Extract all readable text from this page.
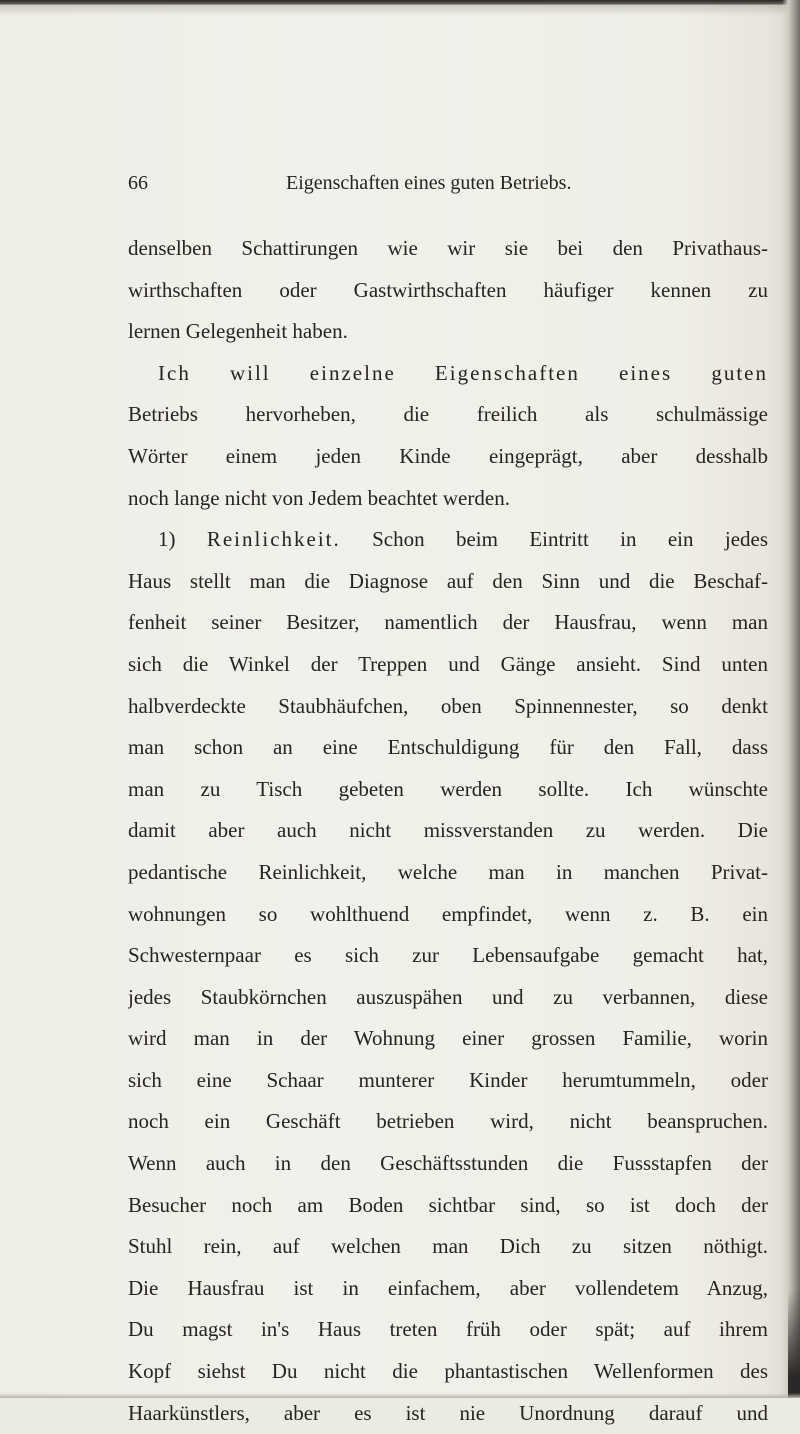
66	Eigenschaften eines guten Betriebs.
denselben Schattirungen wie wir sie bei den Privathaus-
wirthschaften oder Gastwirthschaften häufiger kennen zu
lernen Gelegenheit haben.
Ich will einzelne Eigenschaften eines guten
Betriebs hervorheben, die freilich als schulmässige
Wörter einem jeden Kinde eingeprägt, aber desshalb
noch lange nicht von Jedem beachtet werden.
1) Reinlichkeit. Schon beim Eintritt in ein jedes
Haus stellt man die Diagnose auf den Sinn und die Beschaf-
fenheit seiner Besitzer, namentlich der Hausfrau, wenn man
sich die Winkel der Treppen und Gänge ansieht. Sind unten
halbverdeckte Staubhäufchen, oben Spinnennester, so denkt
man schon an eine Entschuldigung für den Fall, dass
man zu Tisch gebeten werden sollte. Ich wünschte
damit aber auch nicht missverstanden zu werden. Die
pedantische Reinlichkeit, welche man in manchen Privat-
wohnungen so wohlthuend empfindet, wenn z. B. ein
Schwesternpaar es sich zur Lebensaufgabe gemacht hat,
jedes Staubkörnchen auszuspähen und zu verbannen, diese
wird man in der Wohnung einer grossen Familie, worin
sich eine Schaar munterer Kinder herumtummeln, oder
noch ein Geschäft betrieben wird, nicht beanspruchen.
Wenn auch in den Geschäftsstunden die Fussstapfen der
Besucher noch am Boden sichtbar sind, so ist doch der
Stuhl rein, auf welchen man Dich zu sitzen nöthigt.
Die Hausfrau ist in einfachem, aber vollendetem Anzug,
Du magst in's Haus treten früh oder spät; auf ihrem
Kopf siehst Du nicht die phantastischen Wellenformen des
Haarkünstlers, aber es ist nie Unordnung darauf und
